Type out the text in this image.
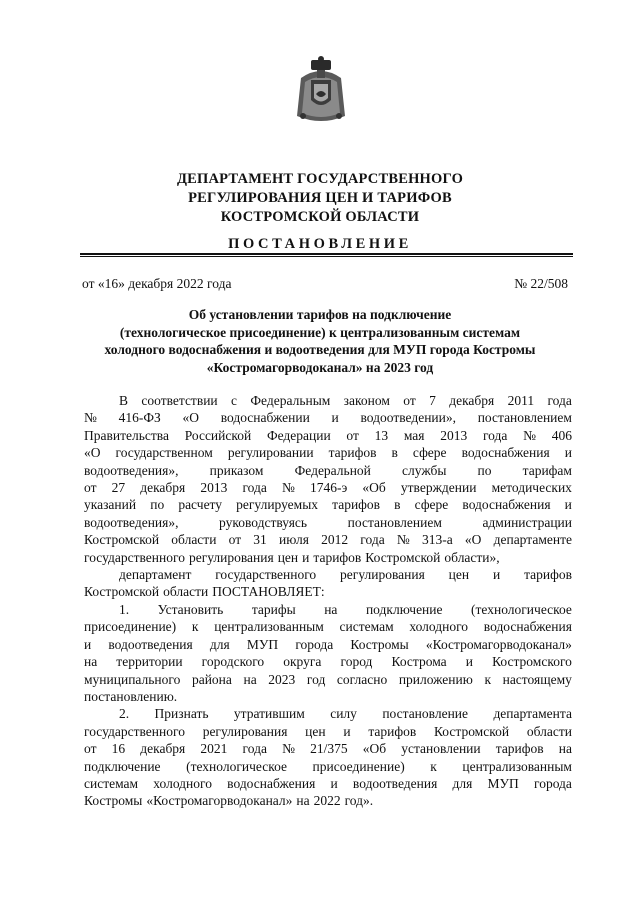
ДЕПАРТАМЕНТ ГОСУДАРСТВЕННОГО
РЕГУЛИРОВАНИЯ ЦЕН И ТАРИФОВ
КОСТРОМСКОЙ ОБЛАСТИ
ПОСТАНОВЛЕНИЕ
от «16» декабря 2022 года	№ 22/508
Об установлении тарифов на подключение
(технологическое присоединение) к централизованным системам
холодного водоснабжения и водоотведения для МУП города Костромы
«Костромагорводоканал» на 2023 год
В соответствии с Федеральным законом от 7 декабря 2011 года
№ 416-ФЗ «О водоснабжении и водоотведении», постановлением
Правительства Российской Федерации от 13 мая 2013 года № 406
«О государственном регулировании тарифов в сфере водоснабжения и
водоотведения», приказом Федеральной службы по тарифам
от 27 декабря 2013 года № 1746-э «Об утверждении методических
указаний по расчету регулируемых тарифов в сфере водоснабжения и
водоотведения»,	руководствуясь	постановлением	администрации
Костромской области от 31 июля 2012 года № 313-а «О департаменте
государственного регулирования цен и тарифов Костромской области»,
департамент государственного регулирования цен и тарифов
Костромской области ПОСТАНОВЛЯЕТ:
1. Установить тарифы на подключение (технологическое
присоединение) к централизованным системам холодного водоснабжения
и водоотведения для МУП города Костромы «Костромагорводоканал»
на территории городского округа город Кострома и Костромского
муниципального района на 2023 год согласно приложению к настоящему
постановлению.
2. Признать утратившим силу постановление департамента
государственного регулирования цен и тарифов Костромской области
от 16 декабря 2021 года № 21/375 «Об установлении тарифов на
подключение (технологическое присоединение) к централизованным
системам холодного водоснабжения и водоотведения для МУП города
Костромы «Костромагорводоканал» на 2022 год».
